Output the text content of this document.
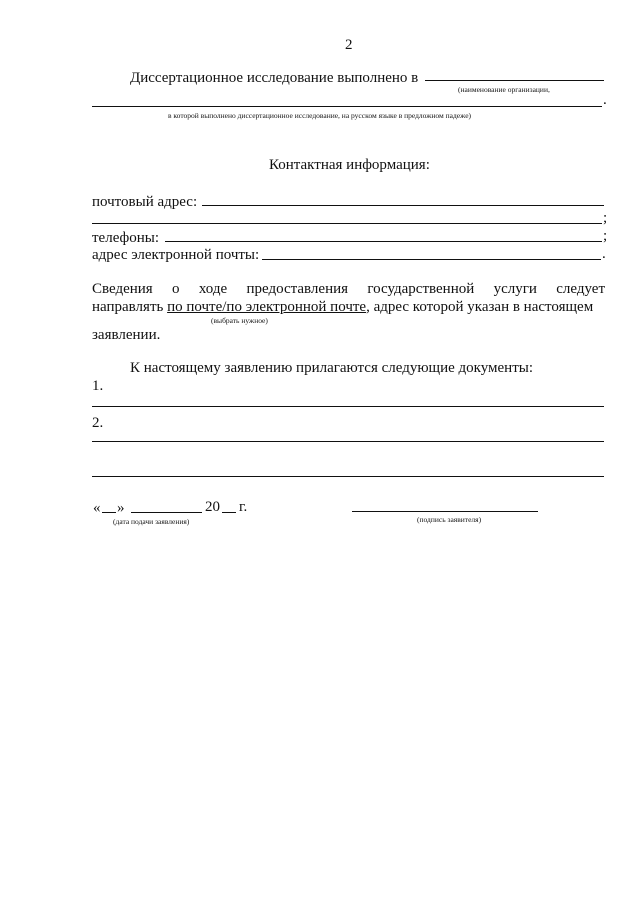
2
Диссертационное исследование выполнено в
(наименование организации,
.
в которой выполнено диссертационное исследование, на русском языке в предложном падеже)
Контактная информация:
почтовый адрес:
;
телефоны:	;
адрес электронной почты:	.
Сведения о ходе предоставления государственной услуги следует
направлять по почте/по электронной почте, адрес которой указан в настоящем
(выбрать нужное)
заявлении.
К настоящему заявлению прилагаются следующие документы:
1.
2.
« »	20 г.
(дата подачи заявления)	(подпись заявителя)
